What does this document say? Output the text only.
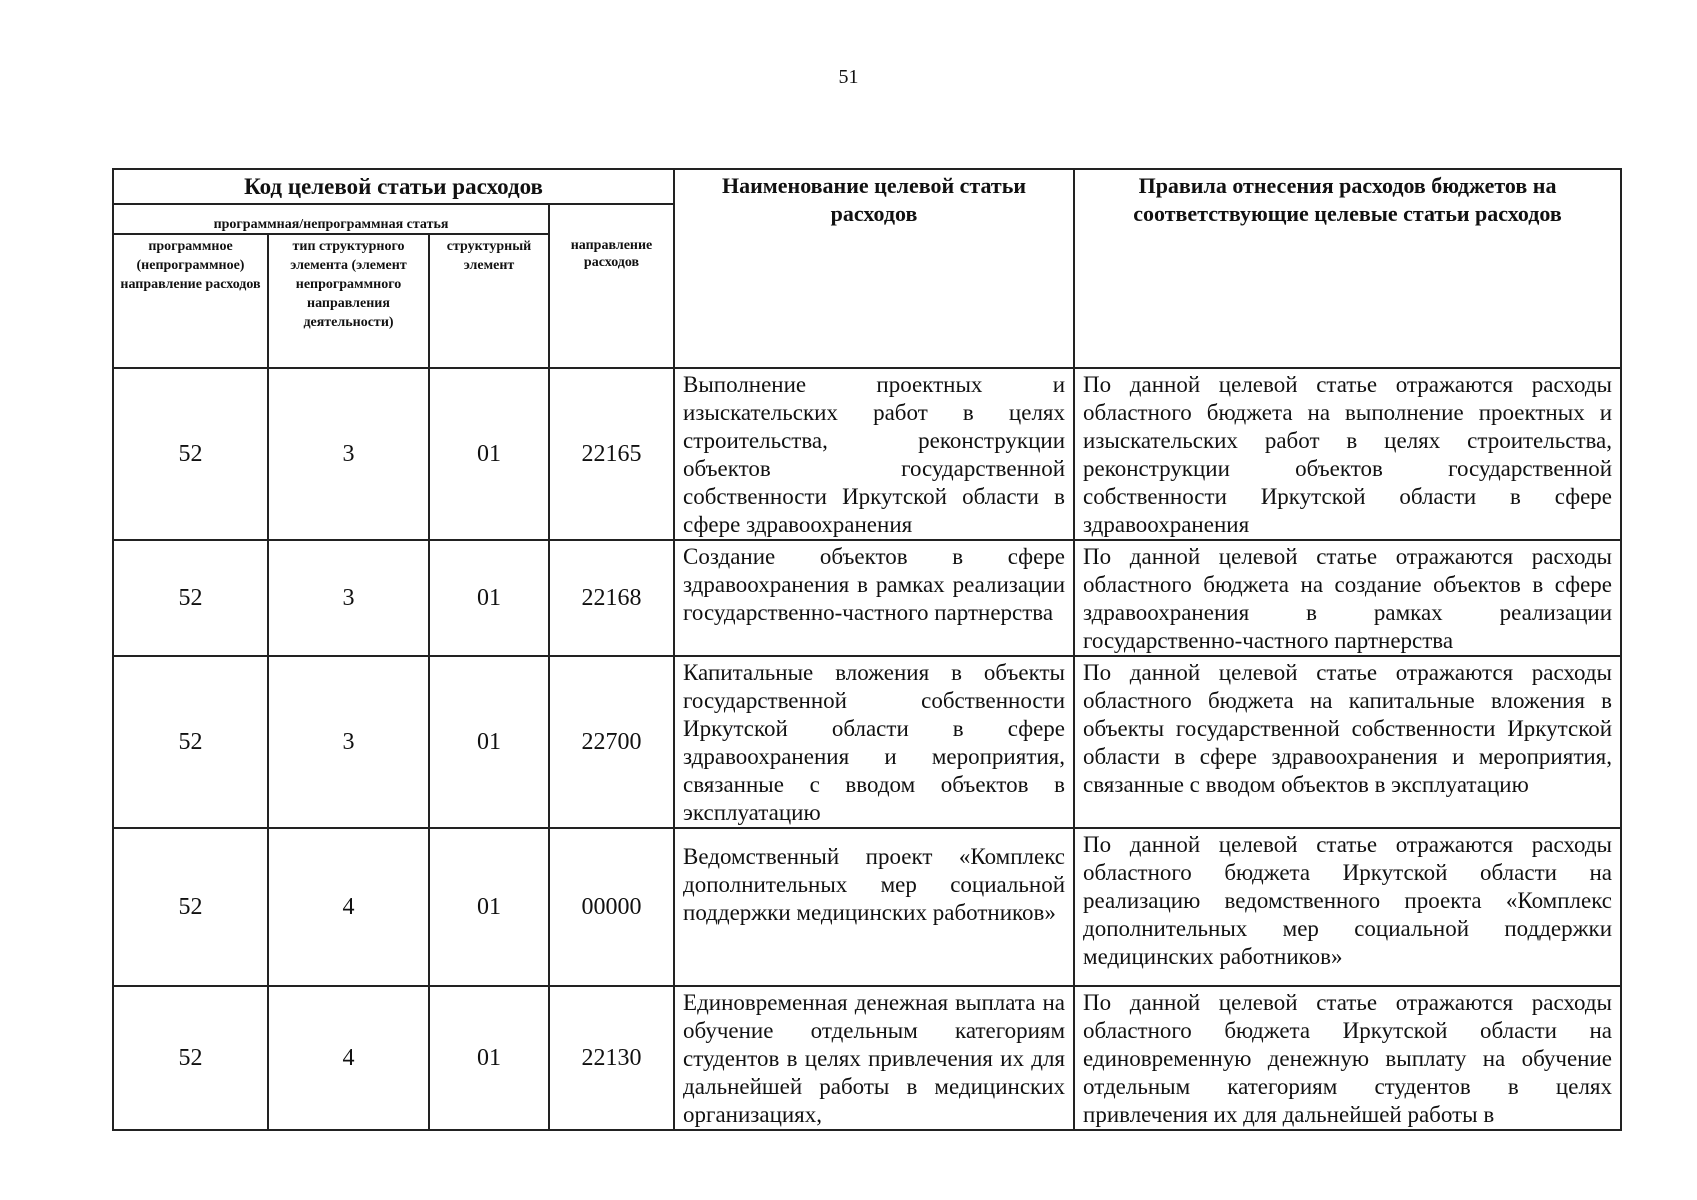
51
Код целевой статьи расходов				Наименование целевой статьи расходов	Правила отнесения расходов бюджетов на соответствующие целевые статьи расходов
программная/непрограммная статья			направление расходов		
программное (непрограммное) направление расходов	тип структурного элемента (элемент непрограммного направления деятельности)	структурный элемент			
52	3	01	22165	Выполнение проектных и изыскательских работ в целях строительства, реконструкции объектов государственной собственности Иркутской области в сфере здравоохранения	По данной целевой статье отражаются расходы областного бюджета на выполнение проектных и изыскательских работ в целях строительства, реконструкции объектов государственной собственности Иркутской области в сфере здравоохранения
52	3	01	22168	Создание объектов в сфере здравоохранения в рамках реализации государственно-частного партнерства	По данной целевой статье отражаются расходы областного бюджета на создание объектов в сфере здравоохранения в рамках реализации государственно-частного партнерства
52	3	01	22700	Капитальные вложения в объекты государственной собственности Иркутской области в сфере здравоохранения и мероприятия, связанные с вводом объектов в эксплуатацию	По данной целевой статье отражаются расходы областного бюджета на капитальные вложения в объекты государственной собственности Иркутской области в сфере здравоохранения и мероприятия, связанные с вводом объектов в эксплуатацию
52	4	01	00000	Ведомственный проект «Комплекс дополнительных мер социальной поддержки медицинских работников»	По данной целевой статье отражаются расходы областного бюджета Иркутской области на реализацию ведомственного проекта «Комплекс дополнительных мер социальной поддержки медицинских работников»
52	4	01	22130	Единовременная денежная выплата на обучение отдельным категориям студентов в целях привлечения их для дальнейшей работы в медицинских организациях,	По данной целевой статье отражаются расходы областного бюджета Иркутской области на единовременную денежную выплату на обучение отдельным категориям студентов в целях привлечения их для дальнейшей работы в
